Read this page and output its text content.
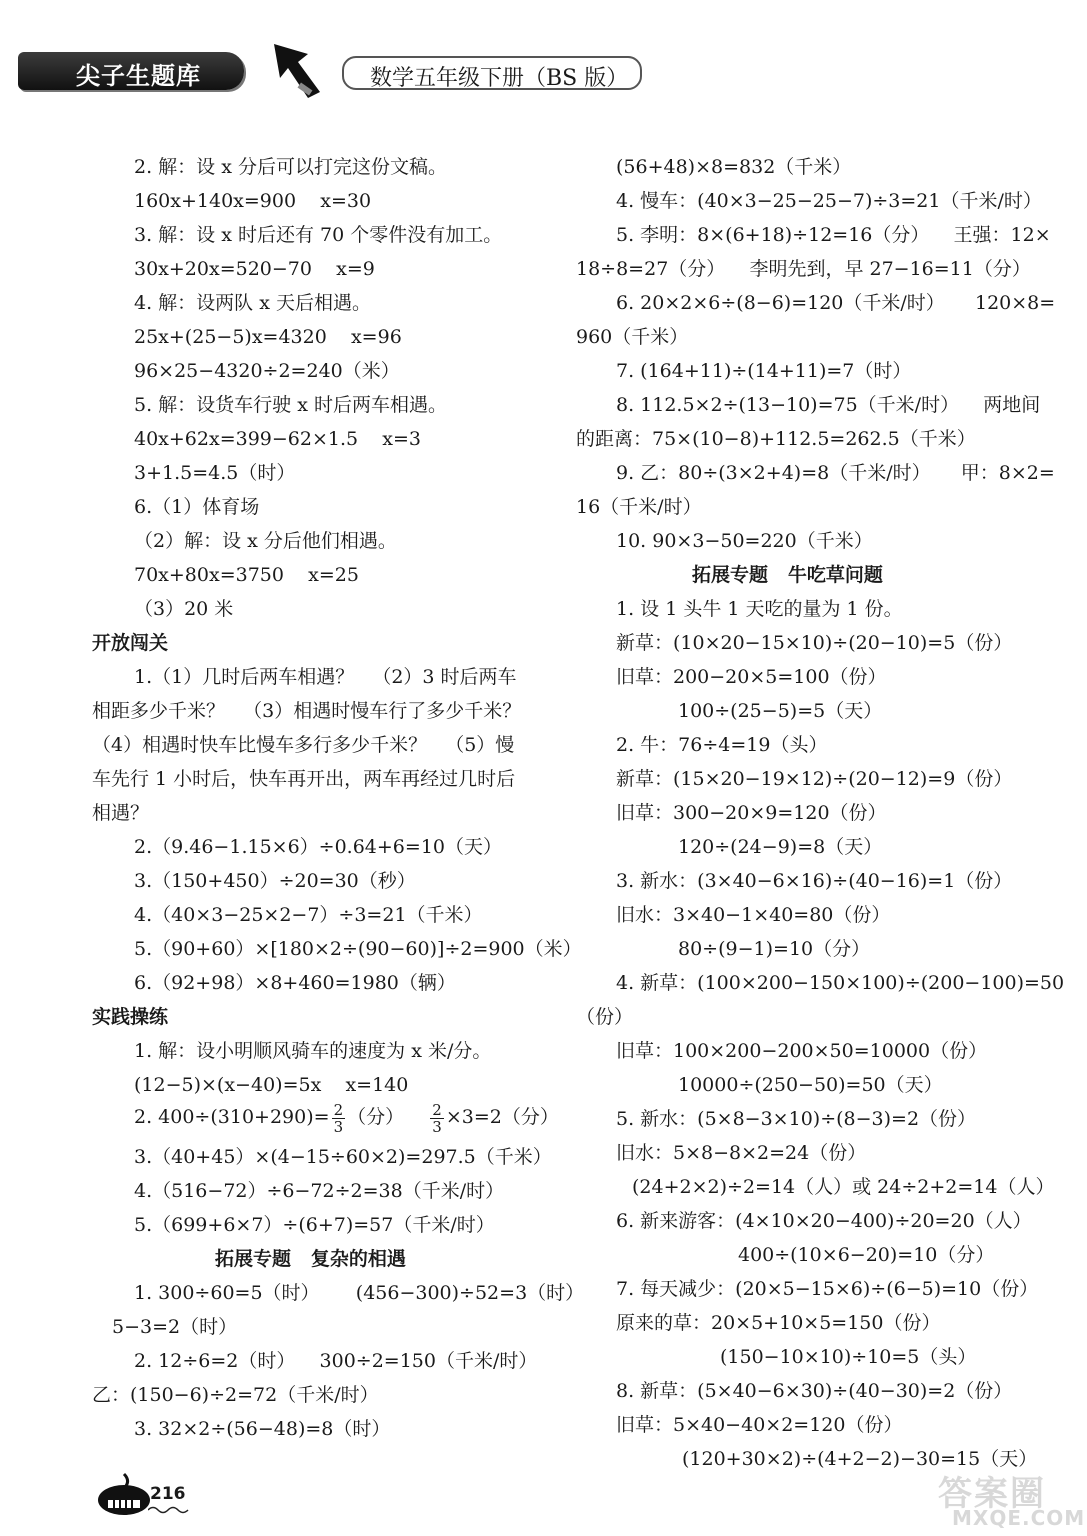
尖子生题库	数学五年级下册（BS 版）
2. 解：设 x 分后可以打完这份文稿。
160x+140x=900    x=30
3. 解：设 x 时后还有 70 个零件没有加工。
30x+20x=520−70    x=9
4. 解：设两队 x 天后相遇。
25x+(25−5)x=4320    x=96
96×25−4320÷2=240（米）
5. 解：设货车行驶 x 时后两车相遇。
40x+62x=399−62×1.5    x=3
3+1.5=4.5（时）
6.（1）体育场
（2）解：设 x 分后他们相遇。
70x+80x=3750    x=25
（3）20 米
开放闯关
1.（1）几时后两车相遇？   （2）3 时后两车
相距多少千米？   （3）相遇时慢车行了多少千米？
（4）相遇时快车比慢车多行多少千米？   （5）慢
车先行 1 小时后，快车再开出，两车再经过几时后
相遇？
2.（9.46−1.15×6）÷0.64+6=10（天）
3.（150+450）÷20=30（秒）
4.（40×3−25×2−7）÷3=21（千米）
5.（90+60）×[180×2÷(90−60)]÷2=900（米）
6.（92+98）×8+460=1980（辆）
实践操练
1. 解：设小明顺风骑车的速度为 x 米/分。
(12−5)×(x−40)=5x    x=140
2. $400\div(310+290)= \frac{2}{3}$ （分） $\frac{2}{3} \times 3=2$（分）
3.（40+45）×(4−15÷60×2)=297.5（千米）
4.（516−72）÷6−72÷2=38（千米/时）
5.（699+6×7）÷(6+7)=57（千米/时）
拓展专题   复杂的相遇
1. 300÷60=5（时）      (456−300)÷52=3（时）
5−3=2（时）
2. 12÷6=2（时）    300÷2=150（千米/时）
乙：(150−6)÷2=72（千米/时）
3. 32×2÷(56−48)=8（时）
(56+48)×8=832（千米）
4. 慢车：(40×3−25−25−7)÷3=21（千米/时）
5. 李明：8×(6+18)÷12=16（分）    王强：12×
18÷8=27（分）    李明先到，早 27−16=11（分）
6. 20×2×6÷(8−6)=120（千米/时）     120×8=
960（千米）
7. (164+11)÷(14+11)=7（时）
8. 112.5×2÷(13−10)=75（千米/时）    两地间
的距离：75×(10−8)+112.5=262.5（千米）
9. 乙：80÷(3×2+4)=8（千米/时）     甲：8×2=
16（千米/时）
10. 90×3−50=220（千米）
拓展专题   牛吃草问题
1. 设 1 头牛 1 天吃的量为 1 份。
新草：(10×20−15×10)÷(20−10)=5（份）
旧草：200−20×5=100（份）
100÷(25−5)=5（天）
2. 牛：76÷4=19（头）
新草：(15×20−19×12)÷(20−12)=9（份）
旧草：300−20×9=120（份）
120÷(24−9)=8（天）
3. 新水：(3×40−6×16)÷(40−16)=1（份）
旧水：3×40−1×40=80（份）
80÷(9−1)=10（分）
4. 新草：(100×200−150×100)÷(200−100)=50
（份）
旧草：100×200−200×50=10000（份）
10000÷(250−50)=50（天）
5. 新水：(5×8−3×10)÷(8−3)=2（份）
旧水：5×8−8×2=24（份）
(24+2×2)÷2=14（人）或 24÷2+2=14（人）
6. 新来游客：(4×10×20−400)÷20=20（人）
400÷(10×6−20)=10（分）
7. 每天减少：(20×5−15×6)÷(6−5)=10（份）
原来的草：20×5+10×5=150（份）
(150−10×10)÷10=5（头）
8. 新草：(5×40−6×30)÷(40−30)=2（份）
旧草：5×40−40×2=120（份）
(120+30×2)÷(4+2−2)−30=15（天）
216	答案圈
MXQE.COM
